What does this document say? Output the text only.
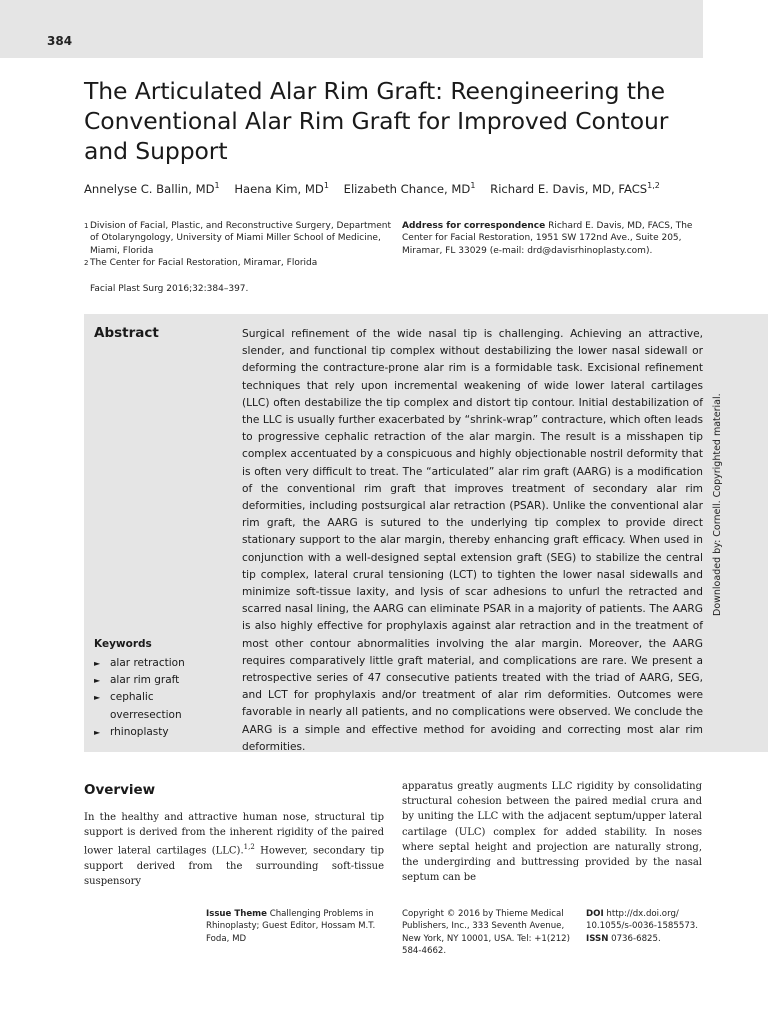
384
The Articulated Alar Rim Graft: Reengineering the Conventional Alar Rim Graft for Improved Contour and Support
Annelyse C. Ballin, $MD^1$ Haena Kim, $MD^1$ Elizabeth Chance, $MD^1$ Richard E. Davis, MD, FACS$^{1,2}$
1 Division of Facial, Plastic, and Reconstructive Surgery, Department of Otolaryngology, University of Miami Miller School of Medicine, Miami, Florida
2 The Center for Facial Restoration, Miramar, Florida
Address for correspondence Richard E. Davis, MD, FACS, The Center for Facial Restoration, 1951 SW 172nd Ave., Suite 205, Miramar, FL 33029 (e-mail: drd@davisrhinoplasty.com).
Facial Plast Surg 2016;32:384–397.
Abstract	Surgical refinement of the wide nasal tip is challenging. Achieving an attractive, slender, and functional tip complex without destabilizing the lower nasal sidewall or deforming the contracture-prone alar rim is a formidable task. Excisional refinement techniques that rely upon incremental weakening of wide lower lateral cartilages (LLC) often destabilize the tip complex and distort tip contour. Initial destabilization of the LLC is usually further exacerbated by “shrink-wrap” contracture, which often leads to progressive cephalic retraction of the alar margin. The result is a misshapen tip complex accentuated by a conspicuous and highly objectionable nostril deformity that is often very difficult to treat. The “articulated” alar rim graft (AARG) is a modification of the conventional rim graft that improves treatment of secondary alar rim deformities, including postsurgical alar retraction (PSAR). Unlike the conventional alar rim graft, the AARG is sutured to the underlying tip complex to provide direct stationary support to the alar margin, thereby enhancing graft efficacy. When used in conjunction with a well-designed septal extension graft (SEG) to stabilize the central tip complex, lateral crural tensioning (LCT) to tighten the lower nasal sidewalls and minimize soft-tissue laxity, and lysis of scar adhesions to unfurl the retracted and scarred nasal lining, the AARG can eliminate PSAR in a majority of patients. The AARG is also highly effective for prophylaxis against alar retraction and in the treatment of most other contour abnormalities involving the alar margin. Moreover, the AARG requires comparatively little graft material, and complications are rare. We present a retrospective series of 47 consecutive patients treated with the triad of AARG, SEG, and LCT for prophylaxis and/or treatment of alar rim deformities. Outcomes were favorable in nearly all patients, and no complications were observed. We conclude the AARG is a simple and effective method for avoiding and correcting most alar rim deformities.
Keywords
► alar retraction
► alar rim graft
► cephalic overresection
► rhinoplasty
Downloaded by: Cornell. Copyrighted material.
Overview
In the healthy and attractive human nose, structural tip support is derived from the inherent rigidity of the paired lower lateral cartilages (LLC).$^{1,2}$ However, secondary tip support derived from the surrounding soft-tissue suspensory
apparatus greatly augments LLC rigidity by consolidating structural cohesion between the paired medial crura and by uniting the LLC with the adjacent septum/upper lateral cartilage (ULC) complex for added stability. In noses where septal height and projection are naturally strong, the undergirding and buttressing provided by the nasal septum can be
Issue Theme Challenging Problems in Rhinoplasty; Guest Editor, Hossam M.T. Foda, MD
Copyright © 2016 by Thieme Medical Publishers, Inc., 333 Seventh Avenue, New York, NY 10001, USA. Tel: +1(212) 584-4662.
DOI http://dx.doi.org/ 10.1055/s-0036-1585573.
ISSN 0736-6825.
